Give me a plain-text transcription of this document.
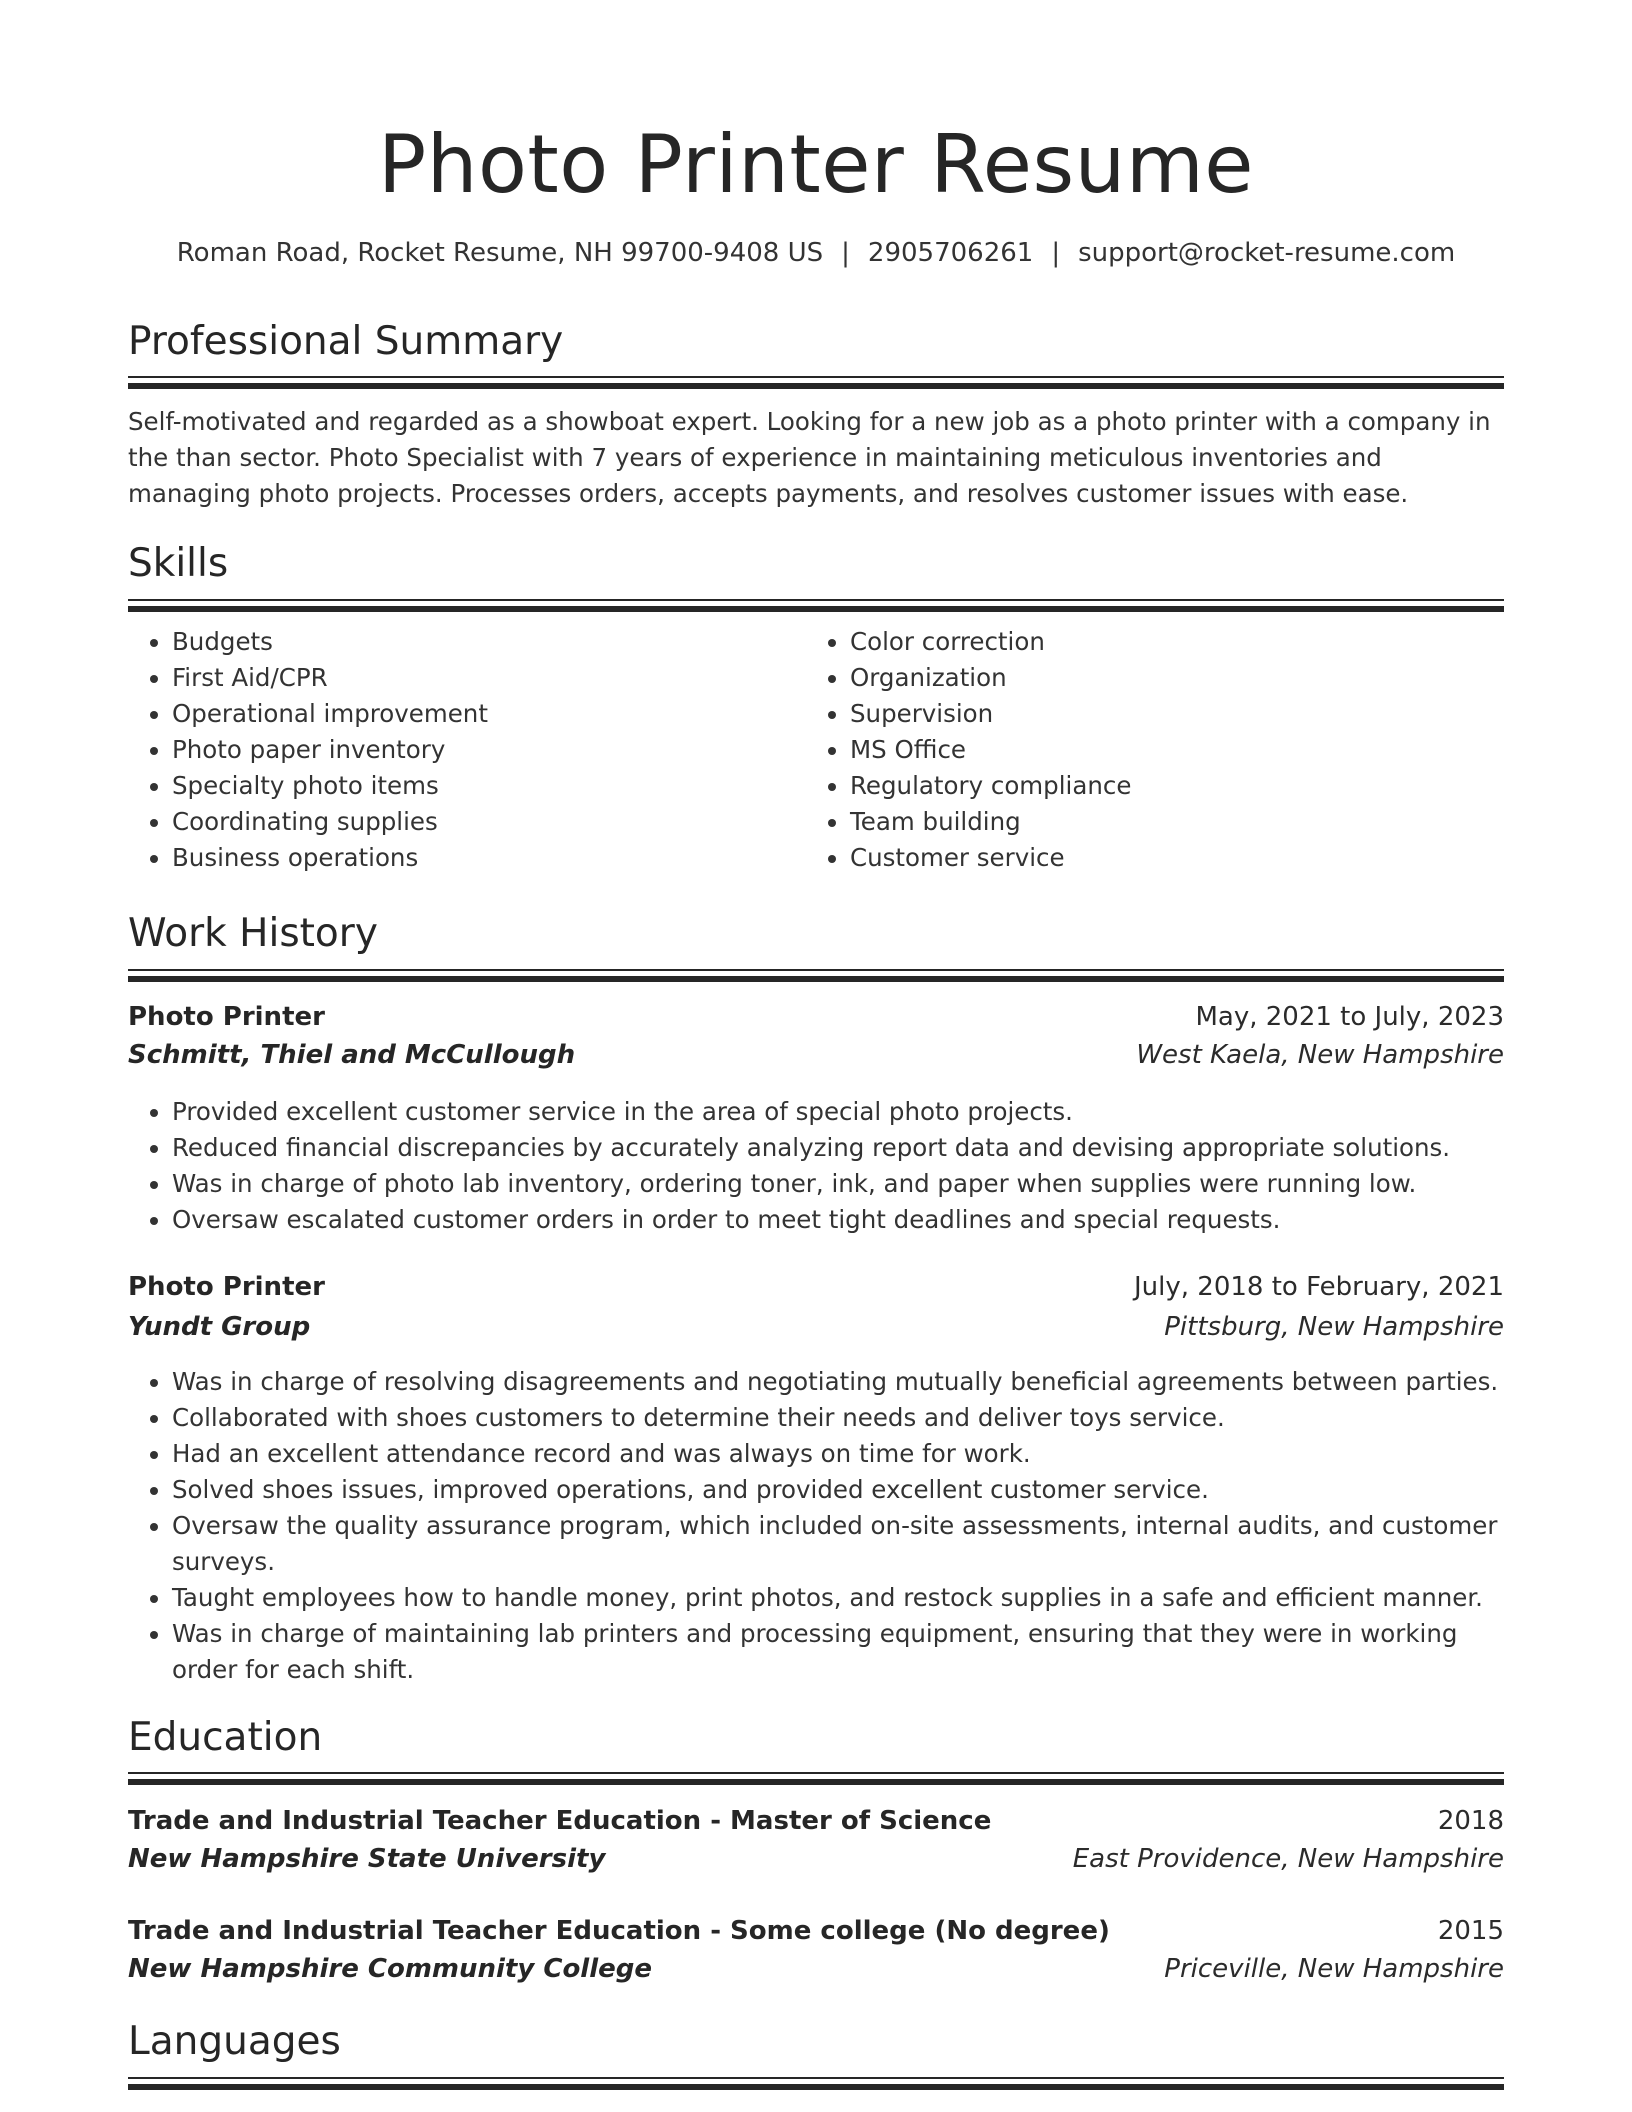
Photo Printer Resume
Roman Road, Rocket Resume, NH 99700-9408 US | 2905706261 | support@rocket-resume.com
Professional Summary
Self-motivated and regarded as a showboat expert. Looking for a new job as a photo printer with a company in the than sector. Photo Specialist with 7 years of experience in maintaining meticulous inventories and managing photo projects. Processes orders, accepts payments, and resolves customer issues with ease.
Skills
• Budgets
• First Aid/CPR
• Operational improvement
• Photo paper inventory
• Specialty photo items
• Coordinating supplies
• Business operations
• Color correction
• Organization
• Supervision
• MS Office
• Regulatory compliance
• Team building
• Customer service
Work History
Photo Printer	May, 2021 to July, 2023
Schmitt, Thiel and McCullough	West Kaela, New Hampshire
• Provided excellent customer service in the area of special photo projects.
• Reduced financial discrepancies by accurately analyzing report data and devising appropriate solutions.
• Was in charge of photo lab inventory, ordering toner, ink, and paper when supplies were running low.
• Oversaw escalated customer orders in order to meet tight deadlines and special requests.
Photo Printer	July, 2018 to February, 2021
Yundt Group	Pittsburg, New Hampshire
• Was in charge of resolving disagreements and negotiating mutually beneficial agreements between parties.
• Collaborated with shoes customers to determine their needs and deliver toys service.
• Had an excellent attendance record and was always on time for work.
• Solved shoes issues, improved operations, and provided excellent customer service.
• Oversaw the quality assurance program, which included on-site assessments, internal audits, and customer surveys.
• Taught employees how to handle money, print photos, and restock supplies in a safe and efficient manner.
• Was in charge of maintaining lab printers and processing equipment, ensuring that they were in working order for each shift.
Education
Trade and Industrial Teacher Education - Master of Science	2018
New Hampshire State University	East Providence, New Hampshire
Trade and Industrial Teacher Education - Some college (No degree)	2015
New Hampshire Community College	Priceville, New Hampshire
Languages
